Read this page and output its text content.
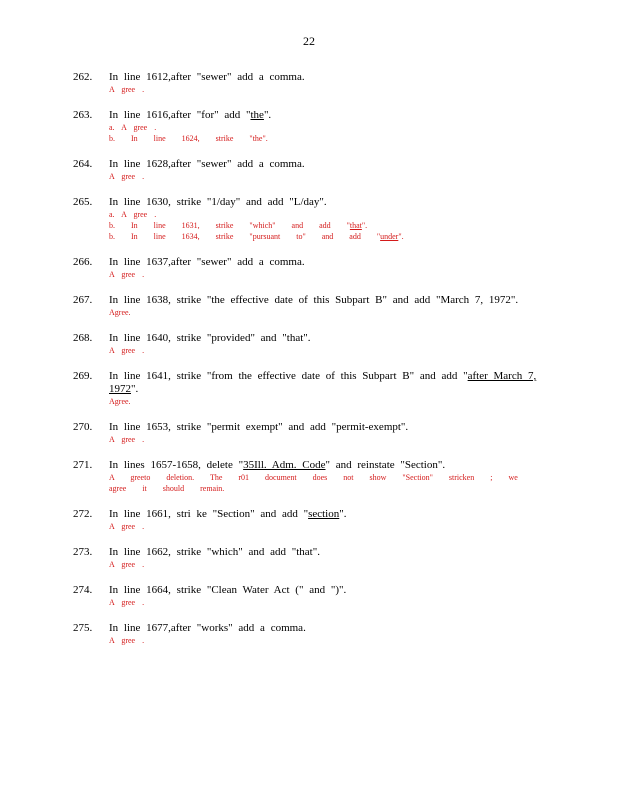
22
262. In line 1612,after "sewer" add a comma.
A gree .
263. In line 1616,after "for" add "the".
a. A gree .
b. In line 1624, strike "the".
264. In line 1628,after "sewer" add a comma.
A gree .
265. In line 1630, strike "1/day" and add "L/day".
a. A gree .
b. In line 1631, strike "which" and add "that".
b. In line 1634, strike "pursuant to" and add "under".
266. In line 1637,after "sewer" add a comma.
A gree .
267. In line 1638, strike "the effective date of this Subpart B" and add "March 7, 1972".
Agree.
268. In line 1640, strike "provided" and "that".
A gree .
269. In line 1641, strike "from the effective date of this Subpart B" and add "after March 7, 1972".
Agree.
270. In line 1653, strike "permit exempt" and add "permit-exempt".
A gree .
271. In lines 1657-1658, delete "35Ill. Adm. Code" and reinstate "Section".
A greeto deletion. The r01 document does not show "Section" stricken ; we agree it should remain.
272. In line 1661, stri ke "Section" and add "section".
A gree .
273. In line 1662, strike "which" and add "that".
A gree .
274. In line 1664, strike "Clean Water Act (" and ")".
A gree .
275. In line 1677,after "works" add a comma.
A gree .
